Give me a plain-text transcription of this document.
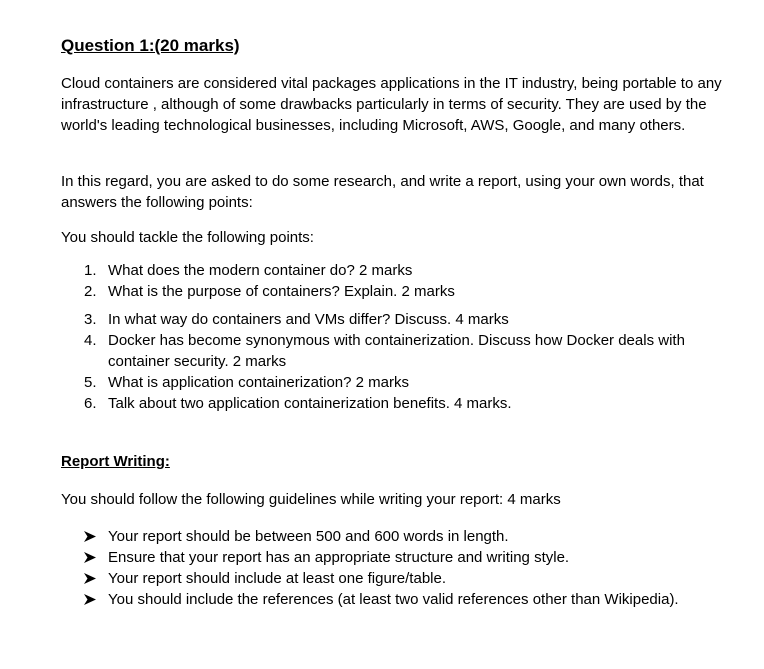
Question 1:(20 marks)

Cloud containers are considered vital packages applications in the IT industry, being portable to any infrastructure , although of some drawbacks particularly in terms of security. They are used by the world's leading technological businesses, including Microsoft, AWS, Google, and many others.

In this regard, you are asked to do some research, and write a report, using your own words, that answers the following points:

You should tackle the following points:

1. What does the modern container do? 2 marks
2. What is the purpose of containers? Explain. 2 marks
3. In what way do containers and VMs differ? Discuss. 4 marks
4. Docker has become synonymous with containerization. Discuss how Docker deals with container security. 2 marks
5. What is application containerization? 2 marks
6. Talk about two application containerization benefits. 4 marks.
Report Writing:

You should follow the following guidelines while writing your report: 4 marks

Your report should be between 500 and 600 words in length.
Ensure that your report has an appropriate structure and writing style.
Your report should include at least one figure/table.
You should include the references (at least two valid references other than Wikipedia).
